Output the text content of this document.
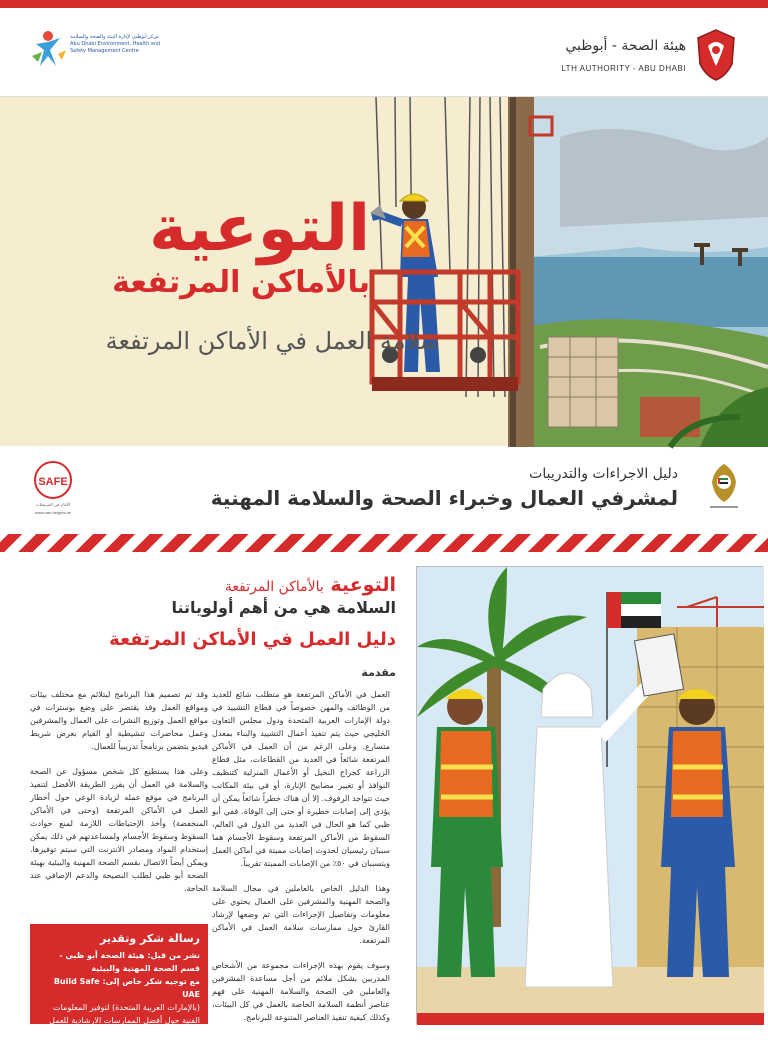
مركز أبوظبي لإدارة البيئة والصحة والسلامة Abu Dhabi Environment, Health and Safety Management Centre	هيئة الصحة - أبوظبي
LTH AUTHORITY - ABU DHABI
التوعية
بالأماكن المرتفعة
سلامة العمل في الأماكن المرتفعة
SAFE
الأمان في المرتفعات
www.uae-heights.ae
دليل الاجراءات والتدريبات
لمشرفي العمال وخبراء الصحة والسلامة المهنية
التوعية بالأماكن المرتفعة
السلامة هي من أهم أولوياتنا
دليل العمل في الأماكن المرتفعة
مقدمة

العمل في الأماكن المرتفعة هو متطلب شائع للعديد من الوظائف والمهن خصوصاً في قطاع التشييد في دولة الإمارات العربية المتحدة ودول مجلس التعاون الخليجي حيث يتم تنفيذ أعمال التشييد والبناء بمعدل متسارع. وعلى الرغم من أن العمل في الأماكن المرتفعة شائعاً في العديد من القطاعات، مثل قطاع الزراعة كجراج النخيل أو الأعمال المنزلية كتنظيف النوافذ أو تغيير مصابيح الإنارة، أو في بيئة المكاتب حيث تتواجد الرفوف. إلا أن هناك خطراً شائعاً يمكن أن يؤدي إلى إصابات خطيرة أو حتى إلى الوفاة. ففي أبو ظبي كما هو الحال في العديد من الدول في العالم، السقوط من الأماكن المرتفعة وسقوط الأجسام هما سببان رئيسيان لحدوث إصابات مميتة في أماكن العمل ويتسببان في ٥٠٪ من الإصابات المميتة تقريباً.

وهذا الدليل الخاص بالعاملين في مجال السلامة والصحة المهنية والمشرفين على العمال يحتوي على معلومات وتفاصيل الإجراءات التي تم وضعها لإرشاد القارئ حول ممارسات سلامة العمل في الأماكن المرتفعة.

وسوف يقوم بهذه الإجراءات مجموعة من الأشخاص المدربين بشكل ملائم من أجل مساعدة المشرفين والعاملين في الصحة والسلامة المهنية على فهم عناصر أنظمة السلامة الخاصة بالعمل في كل البيئات، وكذلك كيفية تنفيذ العناصر المتنوعة للبرنامج.

وقد تم تصميم هذا البرنامج ليتلائم مع مختلف بيئات ومواقع العمل وقد يقتصر على وضع بوسترات في مواقع العمل وتوزيع النشرات على العمال والمشرفين وعمل محاضرات تنشيطية أو القيام بعرض شريط فيديو يتضمن برنامجاً تدريبياً للعمال.

وعلى هذا يستطيع كل شخص مسؤول عن الصحة والسلامة في العمل أن يقرر الطريقة الأفضل لتنفيذ البرنامج في موقع عمله لزيادة الوعي حول أخطار العمل في الأماكن المرتفعة (وحتى في الأماكن المنخفضة) وأخذ الإحتياطات اللازمة لمنع حوادث السقوط وسقوط الأجسام ولمساعدتهم في ذلك يمكن إستخدام المواد ومصادر الانترنت التي سيتم توفيرها. ويمكن أيضاً الاتصال بقسم الصحة المهنية والبيئية بهيئة الصحة أبو ظبي لطلب النصيحة والدعم الإضافي عند الحاجة.

رسالة شكر وتقدير
نشر من قبل: هيئة الصحة أبو ظبي - قسم الصحة المهنية والبيئية
مع توجيه شكر خاص إلى: Build Safe UAE
(بالإمارات العربية المتحدة) لتوفير المعلومات الفنية حول أفضل الممارسات الارشادية للعمل في الأماكن
